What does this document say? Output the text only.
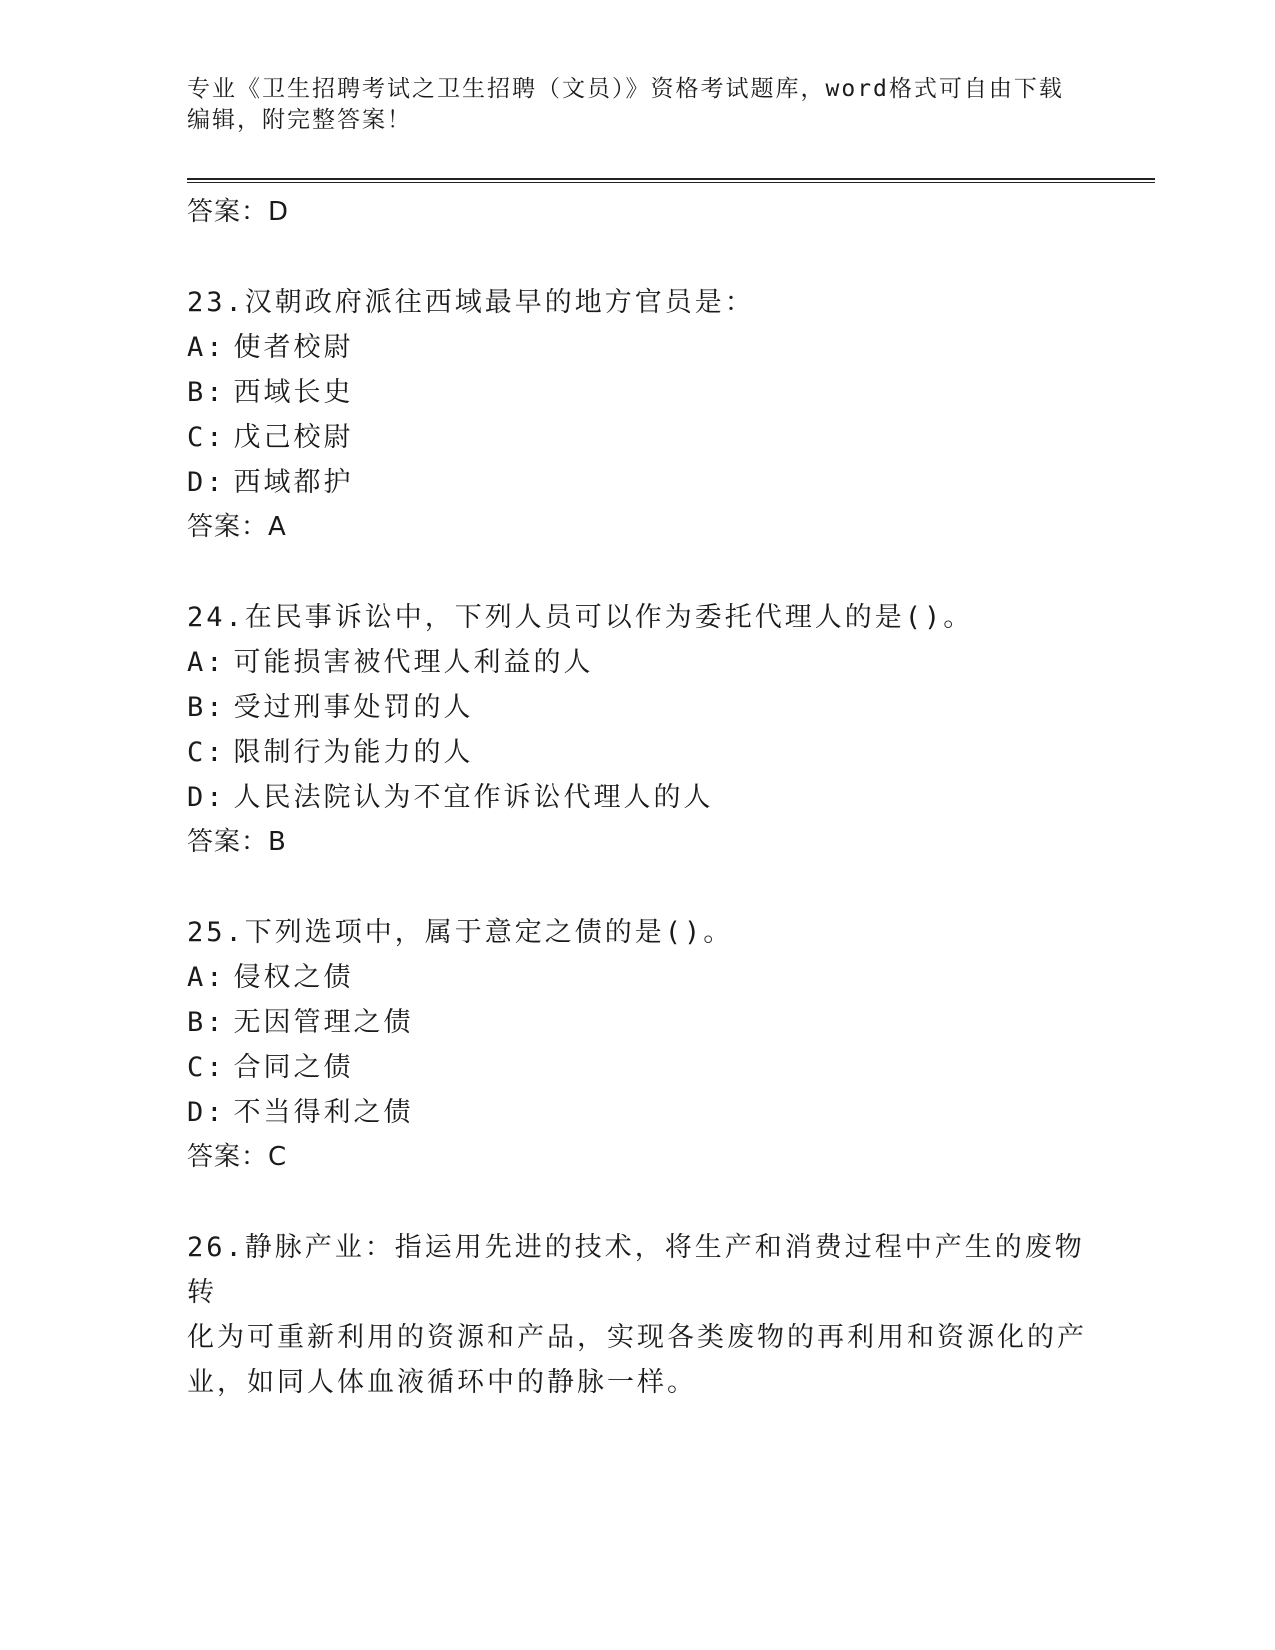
专业《卫生招聘考试之卫生招聘（文员）》资格考试题库，word格式可自由下载
编辑，附完整答案！
答案：D
23.汉朝政府派往西域最早的地方官员是：
A: 使者校尉
B: 西域长史
C: 戊己校尉
D: 西域都护
答案：A
24.在民事诉讼中，下列人员可以作为委托代理人的是()。
A: 可能损害被代理人利益的人
B: 受过刑事处罚的人
C: 限制行为能力的人
D: 人民法院认为不宜作诉讼代理人的人
答案：B
25.下列选项中，属于意定之债的是()。
A: 侵权之债
B: 无因管理之债
C: 合同之债
D: 不当得利之债
答案：C
26.静脉产业：指运用先进的技术，将生产和消费过程中产生的废物转
化为可重新利用的资源和产品，实现各类废物的再利用和资源化的产
业，如同人体血液循环中的静脉一样。
